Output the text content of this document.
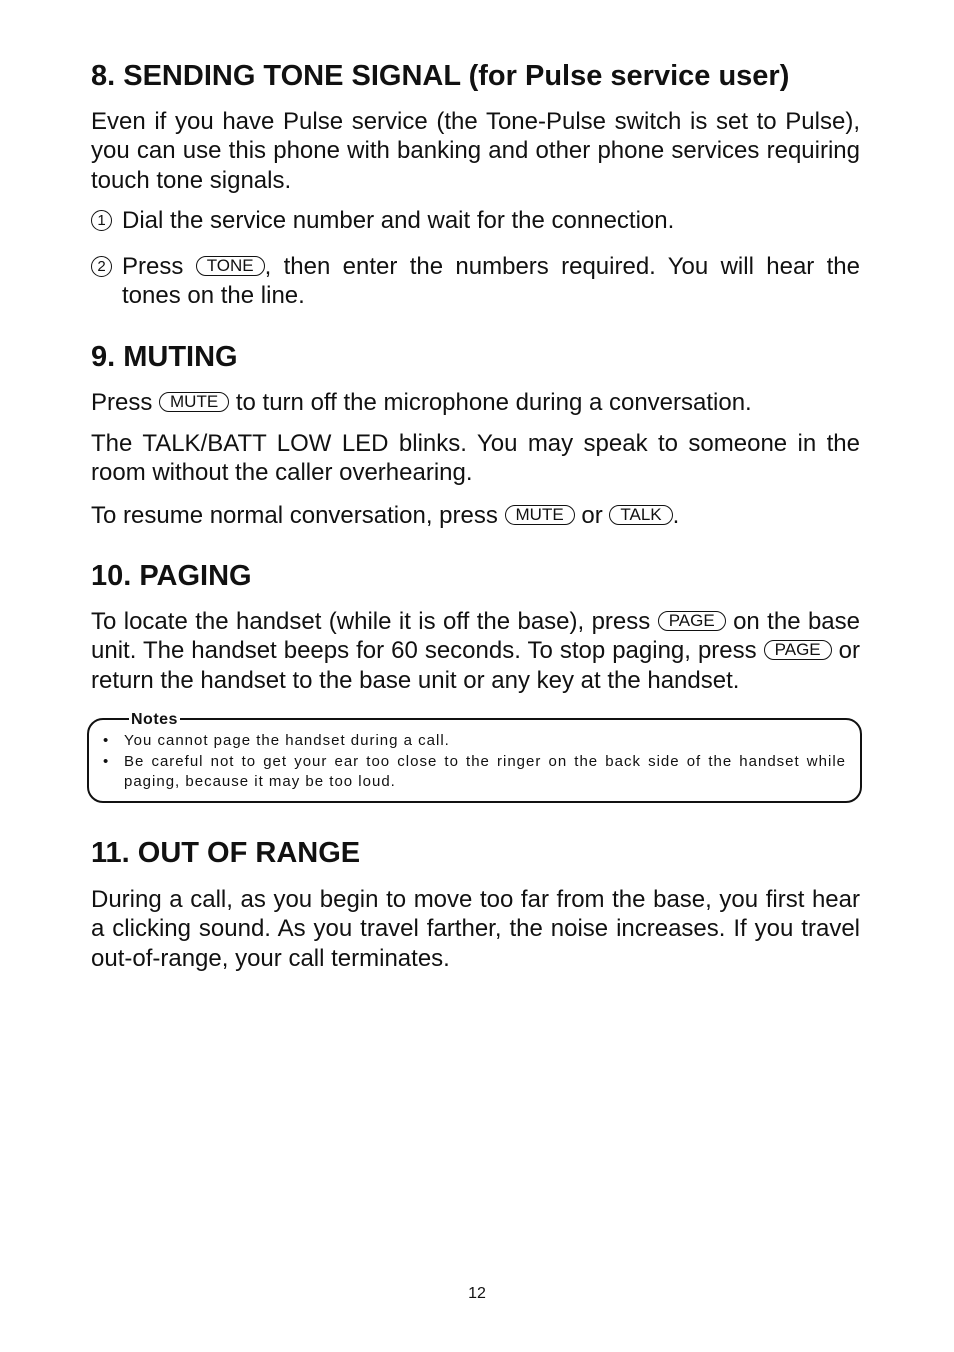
8. SENDING TONE SIGNAL (for Pulse service user)
Even if you have Pulse service (the Tone-Pulse switch is set to Pulse), you can use this phone with banking and other phone services requiring touch tone signals.
1 Dial the service number and wait for the connection.
2 Press TONE , then enter the numbers required. You will hear the tones on the line.
9. MUTING
Press MUTE to turn off the microphone during a conversation.
The TALK/BATT LOW LED blinks. You may speak to someone in the room without the caller overhearing.
To resume normal conversation, press MUTE or TALK .
10. PAGING
To locate the handset (while it is off the base), press PAGE on the base unit. The handset beeps for 60 seconds. To stop paging, press PAGE or return the handset to the base unit or any key at the handset.
Notes
• You cannot page the handset during a call.
• Be careful not to get your ear too close to the ringer on the back side of the handset while paging, because it may be too loud.
11. OUT OF RANGE
During a call, as you begin to move too far from the base, you first hear a clicking sound. As you travel farther, the noise increases. If you travel out-of-range, your call terminates.
12
